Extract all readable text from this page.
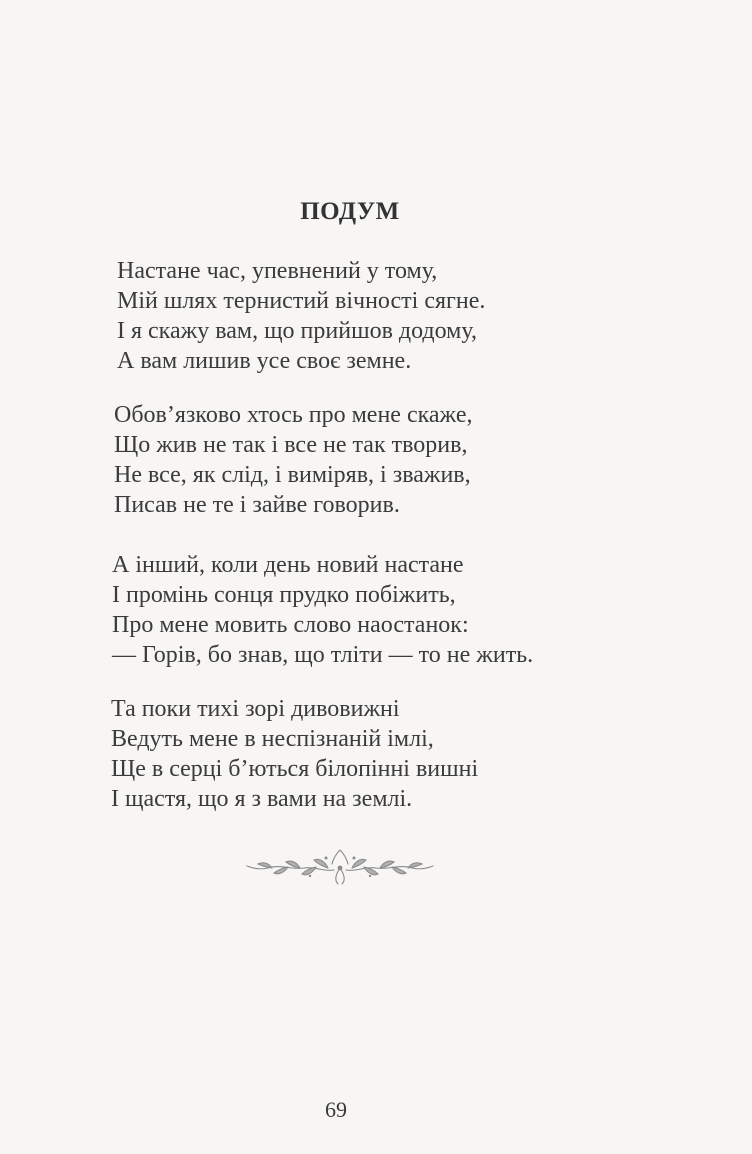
ПОДУМ
Настане час, упевнений у тому,
Мій шлях тернистий вічності сягне.
І я скажу вам, що прийшов додому,
А вам лишив усе своє земне.
Обов’язково хтось про мене скаже,
Що жив не так і все не так творив,
Не все, як слід, і виміряв, і зважив,
Писав не те і зайве говорив.
А інший, коли день новий настане
І промінь сонця прудко побіжить,
Про мене мовить слово наостанок:
— Горів, бо знав, що тліти — то не жить.
Та поки тихі зорі дивовижні
Ведуть мене в неспізнаній імлі,
Ще в серці б’ються білопінні вишні
І щастя, що я з вами на землі.
69
